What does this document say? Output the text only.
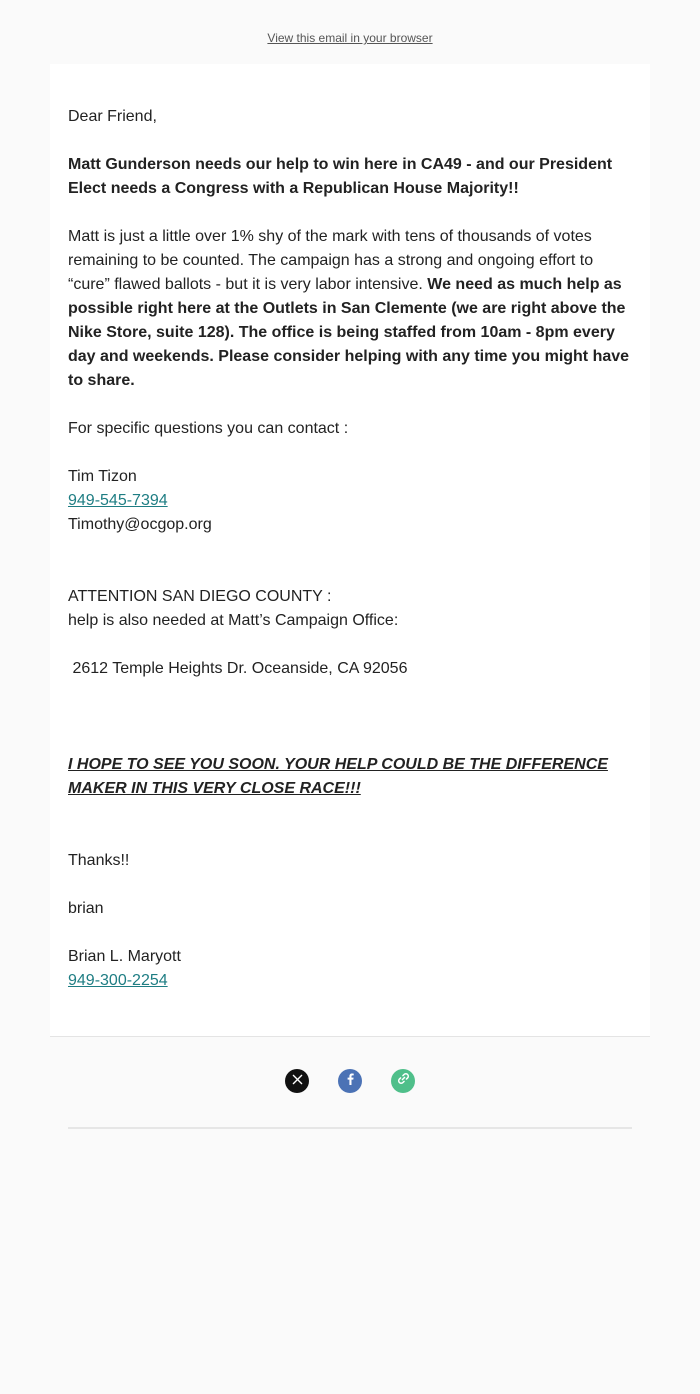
View this email in your browser

Dear Friend,

Matt Gunderson needs our help to win here in CA49 - and our President Elect needs a Congress with a Republican House Majority!!

Matt is just a little over 1% shy of the mark with tens of thousands of votes remaining to be counted. The campaign has a strong and ongoing effort to “cure” flawed ballots - but it is very labor intensive. We need as much help as possible right here at the Outlets in San Clemente (we are right above the Nike Store, suite 128). The office is being staffed from 10am - 8pm every day and weekends. Please consider helping with any time you might have to share.

For specific questions you can contact :

Tim Tizon

949-545-7394

Timothy@ocgop.org

ATTENTION SAN DIEGO COUNTY :

help is also needed at Matt’s Campaign Office:

2612 Temple Heights Dr. Oceanside, CA 92056

I HOPE TO SEE YOU SOON. YOUR HELP COULD BE THE DIFFERENCE MAKER IN THIS VERY CLOSE RACE!!!

Thanks!!

brian

Brian L. Maryott

949-300-2254
